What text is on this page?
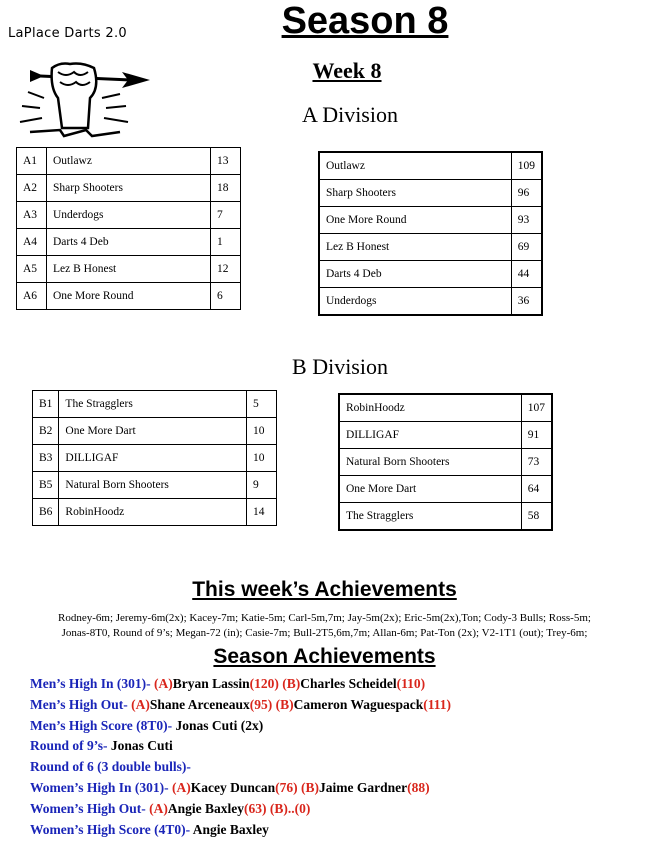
LaPlace Darts 2.0	Season 8
Week 8
A Division
A1	Outlawz	13
A2	Sharp Shooters	18
A3	Underdogs	7
A4	Darts 4 Deb	1
A5	Lez B Honest	12
A6	One More Round	6
Outlawz	109
Sharp Shooters	96
One More Round	93
Lez B Honest	69
Darts 4 Deb	44
Underdogs	36
B Division
B1	The Stragglers	5
B2	One More Dart	10
B3	DILLIGAF	10
B5	Natural Born Shooters	9
B6	RobinHoodz	14
RobinHoodz	107
DILLIGAF	91
Natural Born Shooters	73
One More Dart	64
The Stragglers	58
This week’s Achievements
Rodney-6m; Jeremy-6m(2x); Kacey-7m; Katie-5m; Carl-5m,7m; Jay-5m(2x); Eric-5m(2x),Ton; Cody-3 Bulls; Ross-5m;
Jonas-8T0, Round of 9’s; Megan-72 (in); Casie-7m; Bull-2T5,6m,7m; Allan-6m; Pat-Ton (2x); V2-1T1 (out); Trey-6m;
Season Achievements
Men’s High In (301)- (A)Bryan Lassin(120) (B)Charles Scheidel(110)
Men’s High Out- (A)Shane Arceneaux(95) (B)Cameron Waguespack(111)
Men’s High Score (8T0)- Jonas Cuti (2x)
Round of 9’s- Jonas Cuti
Round of 6 (3 double bulls)-
Women’s High In (301)- (A)Kacey Duncan(76) (B)Jaime Gardner(88)
Women’s High Out- (A)Angie Baxley(63) (B)..(0)
Women’s High Score (4T0)- Angie Baxley
